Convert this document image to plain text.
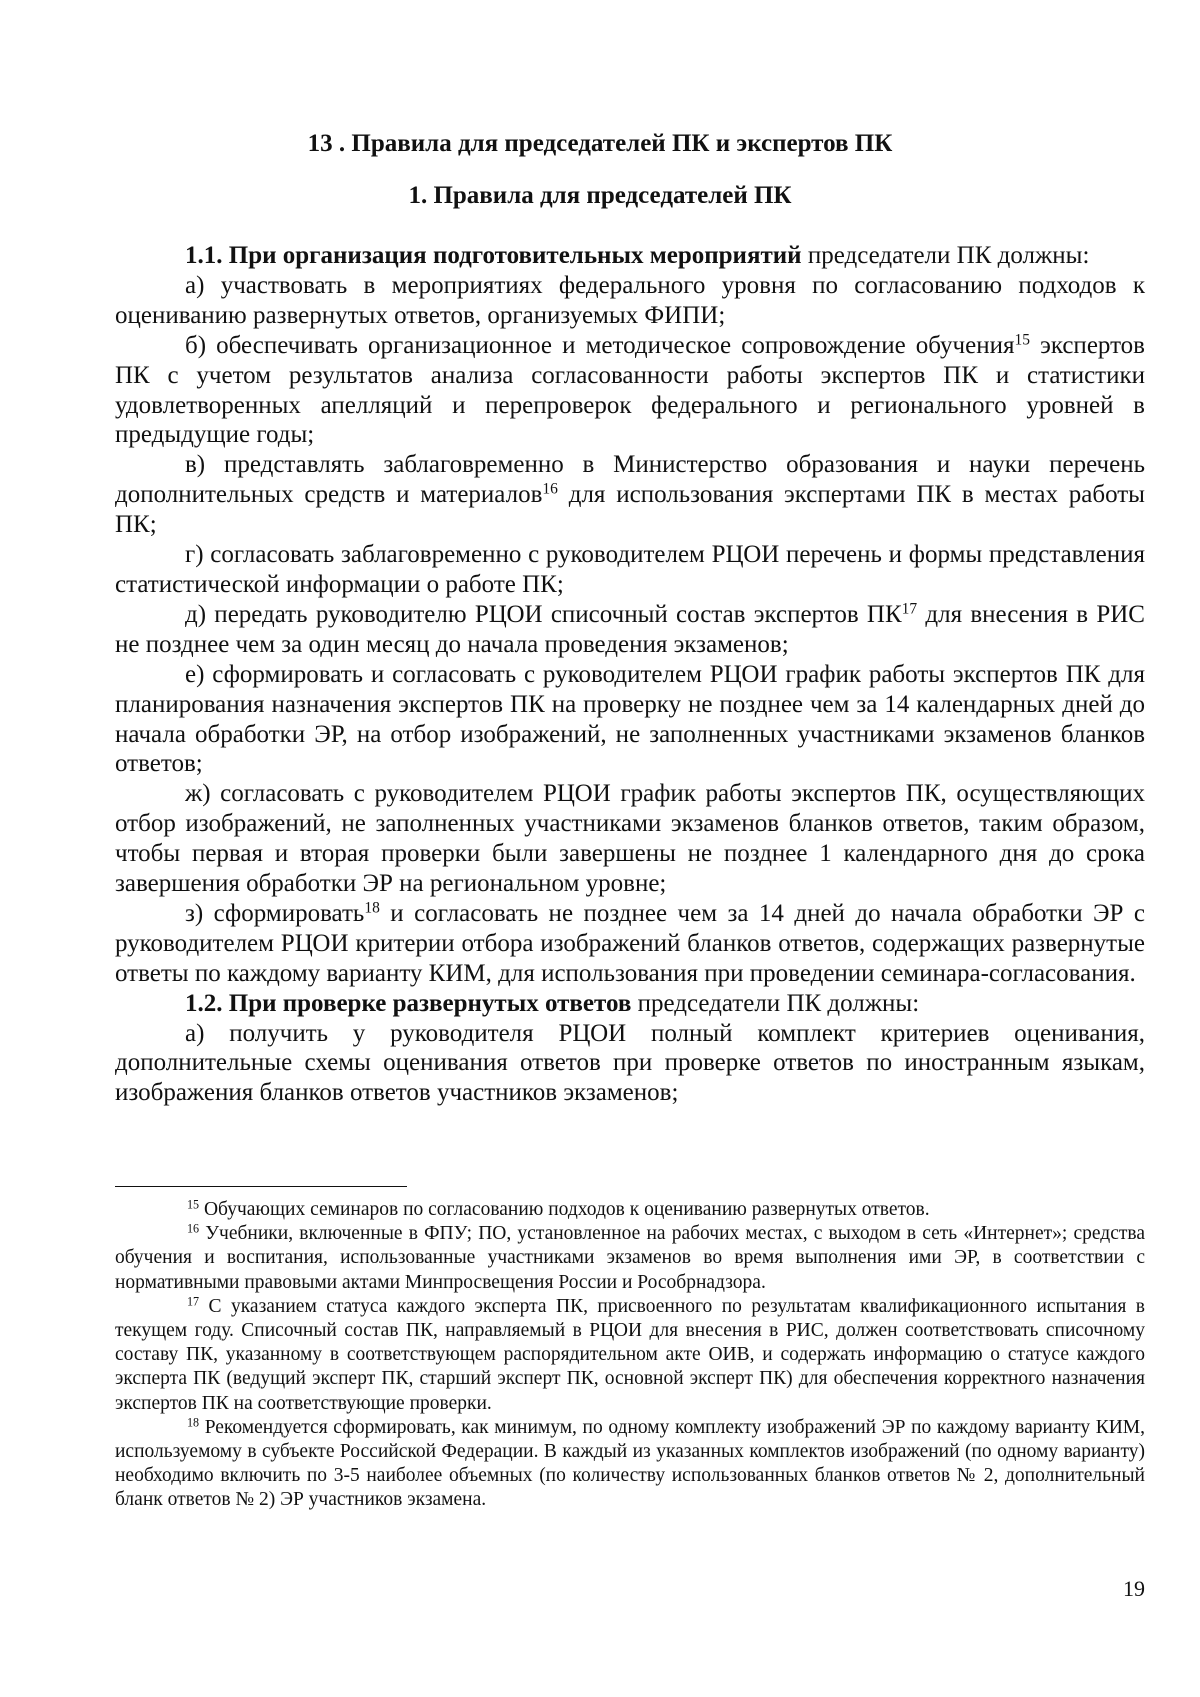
13 . Правила для председателей ПК и экспертов ПК
1. Правила для председателей ПК

1.1. При организация подготовительных мероприятий председатели ПК должны:

а) участвовать в мероприятиях федерального уровня по согласованию подходов к оцениванию развернутых ответов, организуемых ФИПИ;

б) обеспечивать организационное и методическое сопровождение обучения$^{15}$ экспертов ПК с учетом результатов анализа согласованности работы экспертов ПК и статистики удовлетворенных апелляций и перепроверок федерального и регионального уровней в предыдущие годы;

в) представлять заблаговременно в Министерство образования и науки перечень дополнительных средств и материалов$^{16}$ для использования экспертами ПК в местах работы ПК;

г) согласовать заблаговременно с руководителем РЦОИ перечень и формы представления статистической информации о работе ПК;

д) передать руководителю РЦОИ списочный состав экспертов ПК$^{17}$ для внесения в РИС не позднее чем за один месяц до начала проведения экзаменов;

е) сформировать и согласовать с руководителем РЦОИ график работы экспертов ПК для планирования назначения экспертов ПК на проверку не позднее чем за 14 календарных дней до начала обработки ЭР, на отбор изображений, не заполненных участниками экзаменов бланков ответов;

ж) согласовать с руководителем РЦОИ график работы экспертов ПК, осуществляющих отбор изображений, не заполненных участниками экзаменов бланков ответов, таким образом, чтобы первая и вторая проверки были завершены не позднее 1 календарного дня до срока завершения обработки ЭР на региональном уровне;

з) сформировать$^{18}$ и согласовать не позднее чем за 14 дней до начала обработки ЭР с руководителем РЦОИ критерии отбора изображений бланков ответов, содержащих развернутые ответы по каждому варианту КИМ, для использования при проведении семинара-согласования.

1.2. При проверке развернутых ответов председатели ПК должны:

а) получить у руководителя РЦОИ полный комплект критериев оценивания, дополнительные схемы оценивания ответов при проверке ответов по иностранным языкам, изображения бланков ответов участников экзаменов;

$^{15}$ Обучающих семинаров по согласованию подходов к оцениванию развернутых ответов.

$^{16}$ Учебники, включенные в ФПУ; ПО, установленное на рабочих местах, с выходом в сеть «Интернет»; средства обучения и воспитания, использованные участниками экзаменов во время выполнения ими ЭР, в соответствии с нормативными правовыми актами Минпросвещения России и Рособрнадзора.

$^{17}$ С указанием статуса каждого эксперта ПК, присвоенного по результатам квалификационного испытания в текущем году. Списочный состав ПК, направляемый в РЦОИ для внесения в РИС, должен соответствовать списочному составу ПК, указанному в соответствующем распорядительном акте ОИВ, и содержать информацию о статусе каждого эксперта ПК (ведущий эксперт ПК, старший эксперт ПК, основной эксперт ПК) для обеспечения корректного назначения экспертов ПК на соответствующие проверки.

$^{18}$ Рекомендуется сформировать, как минимум, по одному комплекту изображений ЭР по каждому варианту КИМ, используемому в субъекте Российской Федерации. В каждый из указанных комплектов изображений (по одному варианту) необходимо включить по 3-5 наиболее объемных (по количеству использованных бланков ответов № 2, дополнительный бланк ответов № 2) ЭР участников экзамена.

19
